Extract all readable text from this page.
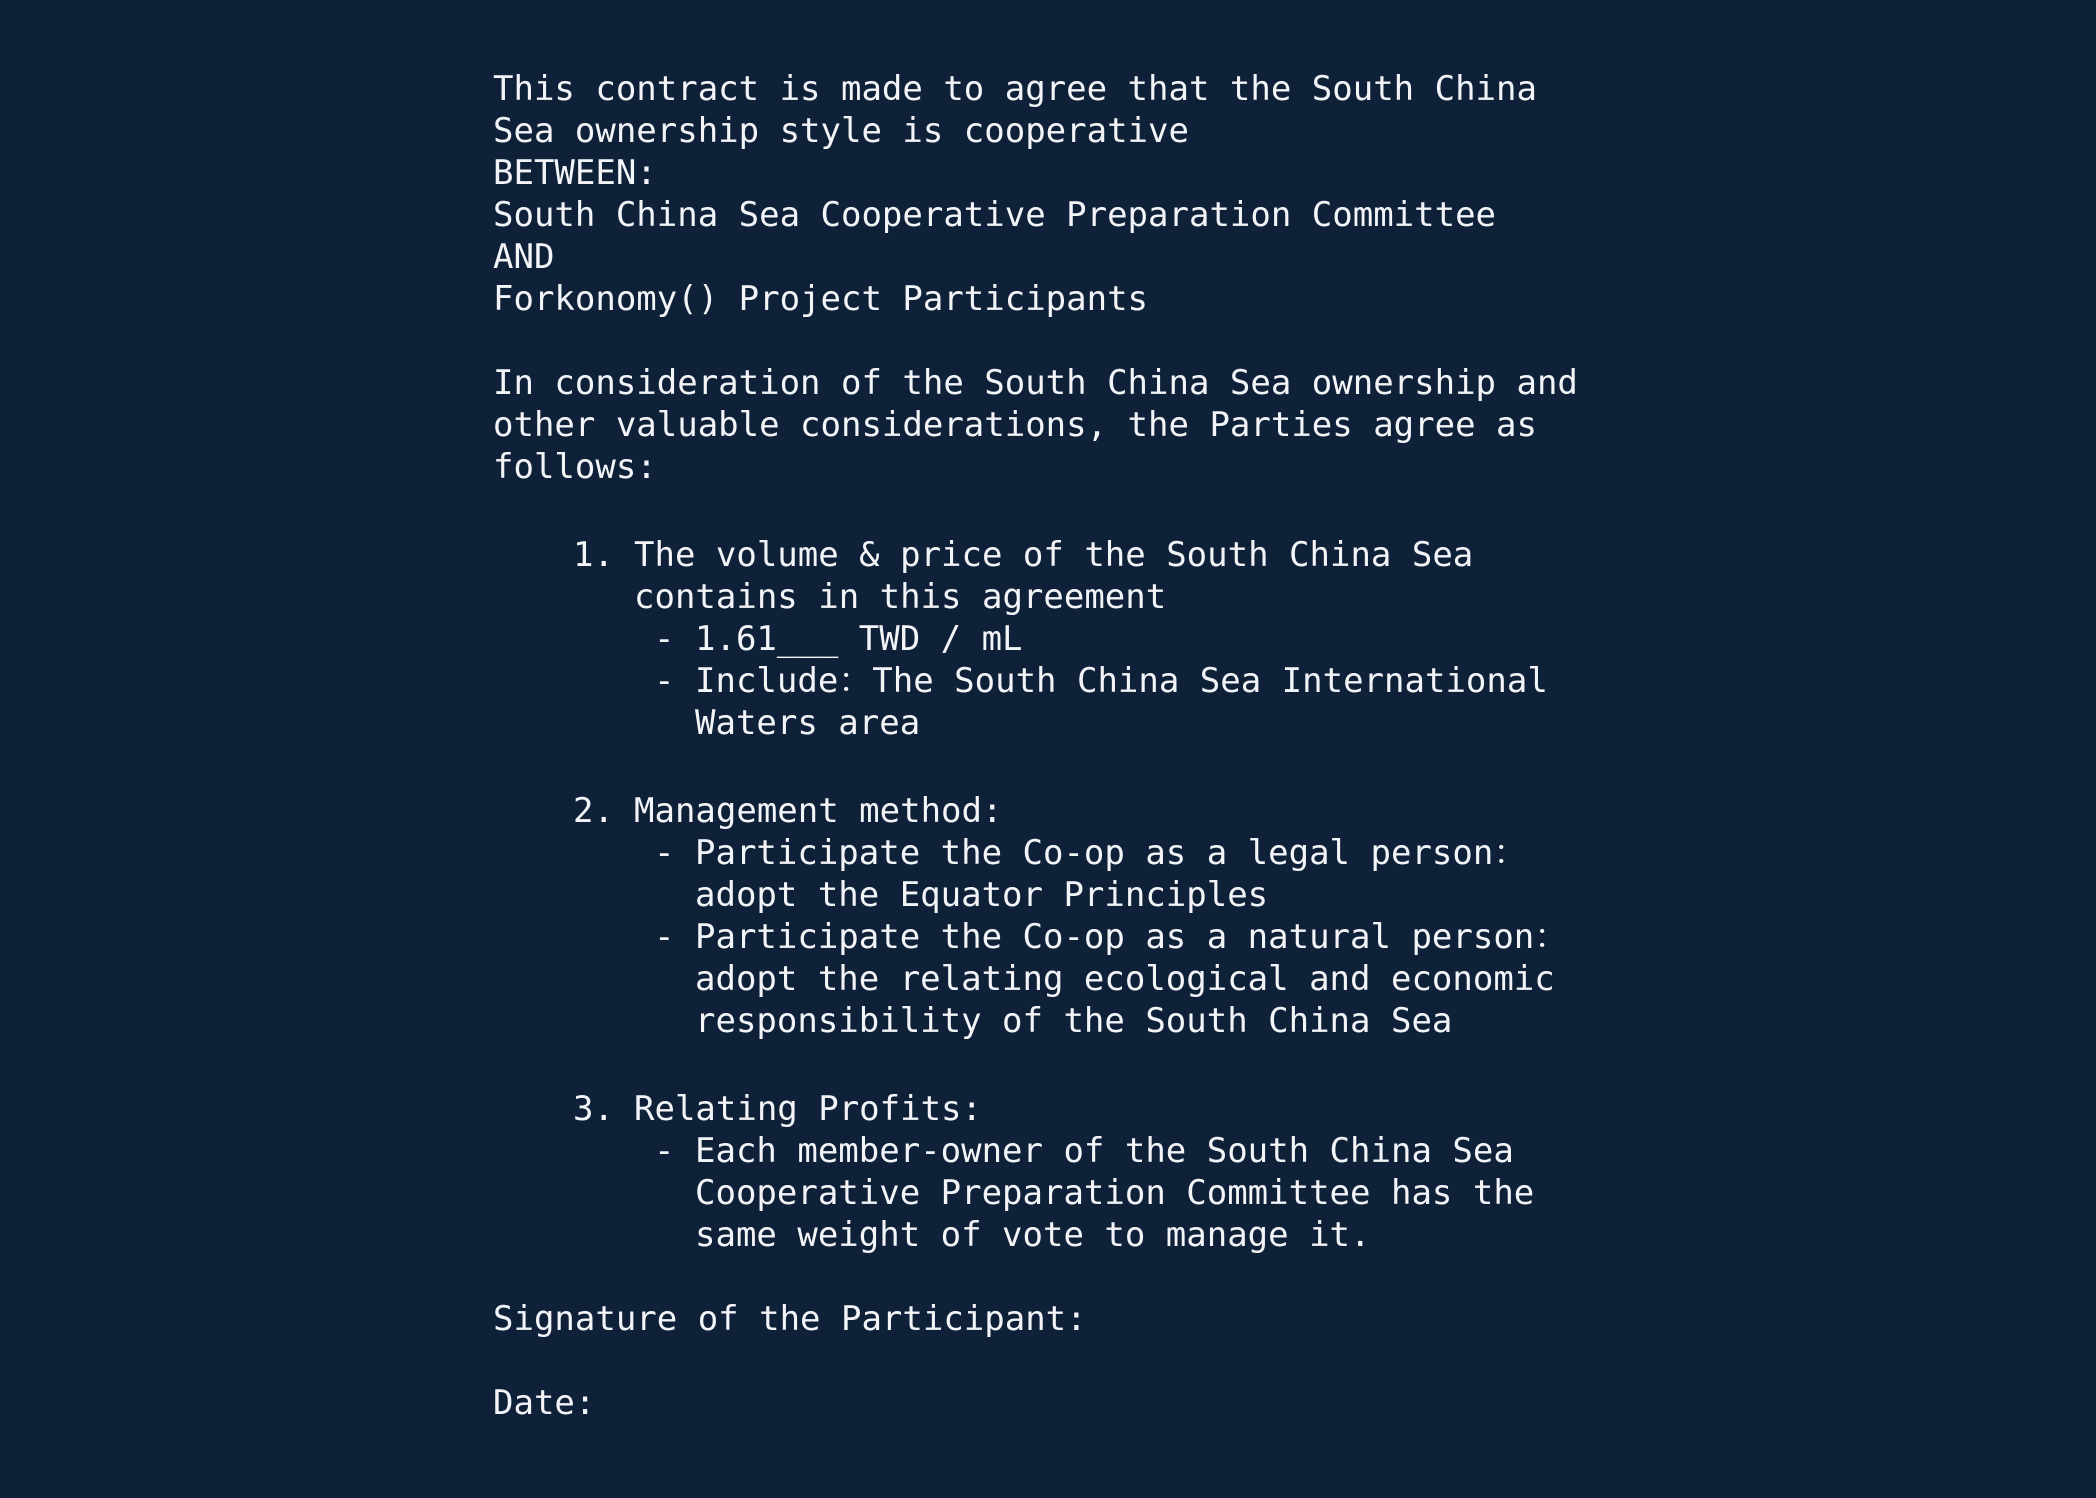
This contract is made to agree that the South China
Sea ownership style is cooperative
BETWEEN:
South China Sea Cooperative Preparation Committee
AND
Forkonomy() Project Participants
In consideration of the South China Sea ownership and
other valuable considerations, the Parties agree as
follows:
1. The volume & price of the South China Sea
contains in this agreement
- 1.61___ TWD / mL
- Include：The South China Sea International
Waters area
2. Management method:
- Participate the Co-op as a legal person：
adopt the Equator Principles
- Participate the Co-op as a natural person：
adopt the relating ecological and economic
responsibility of the South China Sea
3. Relating Profits:
- Each member-owner of the South China Sea
Cooperative Preparation Committee has the
same weight of vote to manage it.
Signature of the Participant:
Date:
